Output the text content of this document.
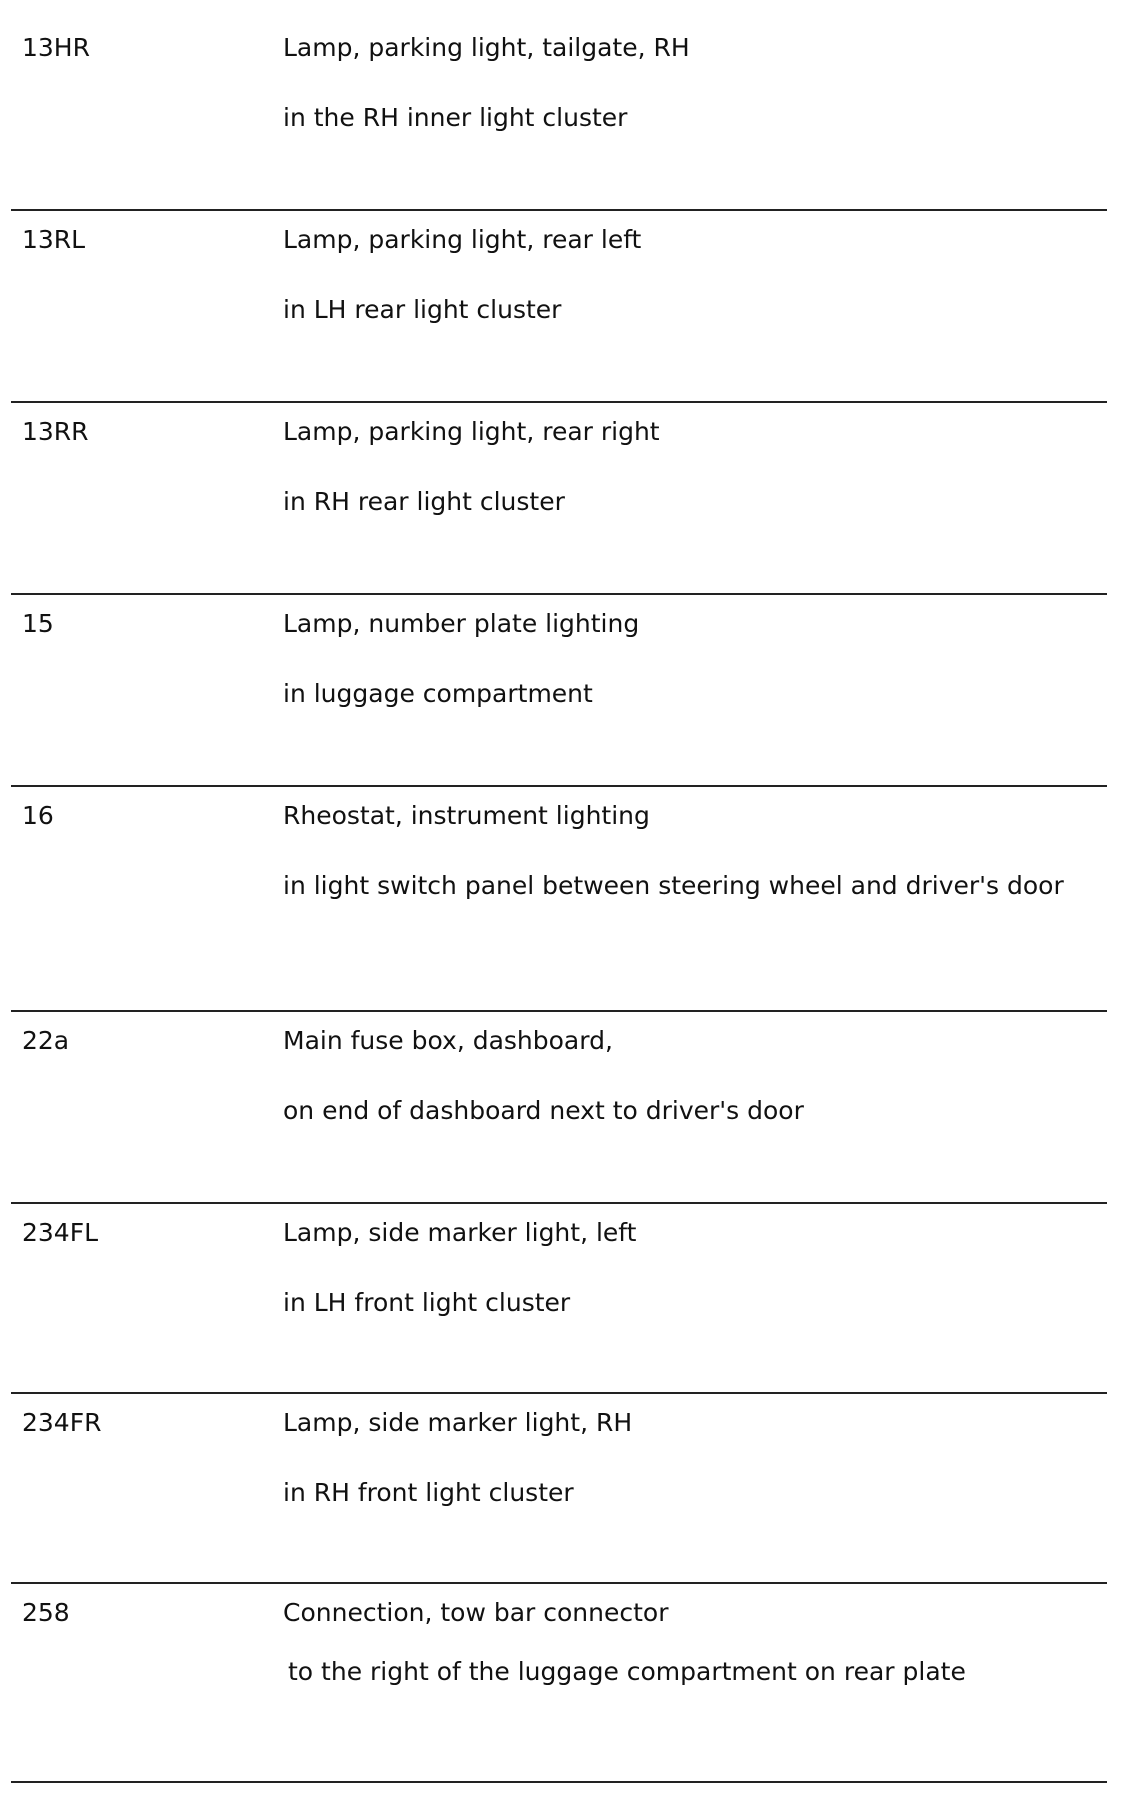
13HR	Lamp, parking light, tailgate, RH
in the RH inner light cluster
13RL	Lamp, parking light, rear left
in LH rear light cluster
13RR	Lamp, parking light, rear right
in RH rear light cluster
15	Lamp, number plate lighting
in luggage compartment
16	Rheostat, instrument lighting
in light switch panel between steering wheel and driver's door
22a	Main fuse box, dashboard,
on end of dashboard next to driver's door
234FL	Lamp, side marker light, left
in LH front light cluster
234FR	Lamp, side marker light, RH
in RH front light cluster
258	Connection, tow bar connector
to the right of the luggage compartment on rear plate
